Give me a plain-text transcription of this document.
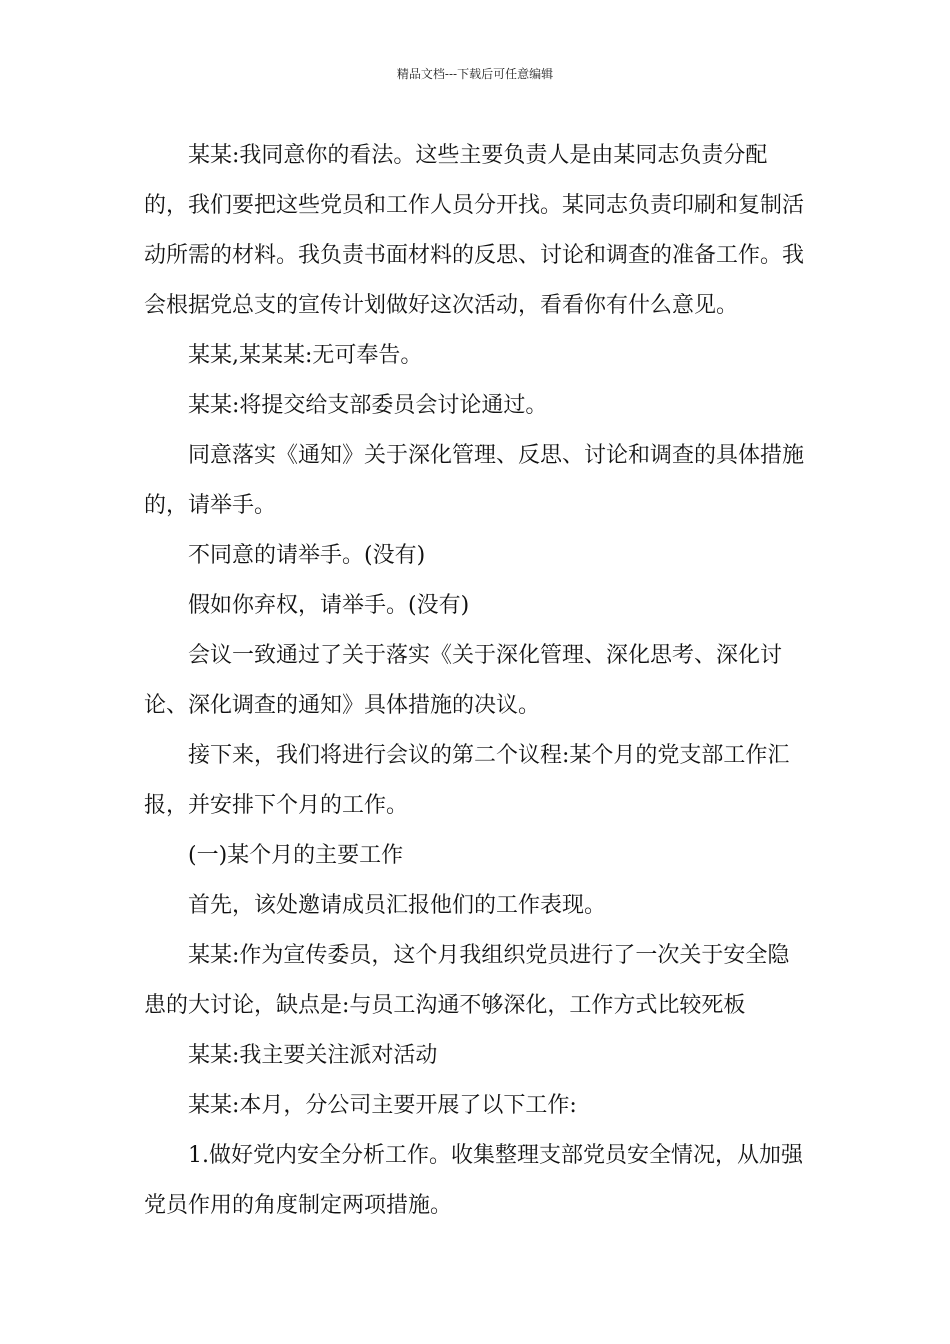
精品文档---下载后可任意编辑

某某:我同意你的看法。这些主要负责人是由某同志负责分配的，我们要把这些党员和工作人员分开找。某同志负责印刷和复制活动所需的材料。我负责书面材料的反思、讨论和调查的准备工作。我会根据党总支的宣传计划做好这次活动，看看你有什么意见。

某某,某某某:无可奉告。

某某:将提交给支部委员会讨论通过。

同意落实《通知》关于深化管理、反思、讨论和调查的具体措施的，请举手。

不同意的请举手。(没有)

假如你弃权，请举手。(没有)

会议一致通过了关于落实《关于深化管理、深化思考、深化讨论、深化调查的通知》具体措施的决议。

接下来，我们将进行会议的第二个议程:某个月的党支部工作汇报，并安排下个月的工作。

(一)某个月的主要工作

首先，该处邀请成员汇报他们的工作表现。

某某:作为宣传委员，这个月我组织党员进行了一次关于安全隐患的大讨论，缺点是:与员工沟通不够深化，工作方式比较死板

某某:我主要关注派对活动

某某:本月，分公司主要开展了以下工作:

1.做好党内安全分析工作。收集整理支部党员安全情况，从加强党员作用的角度制定两项措施。
